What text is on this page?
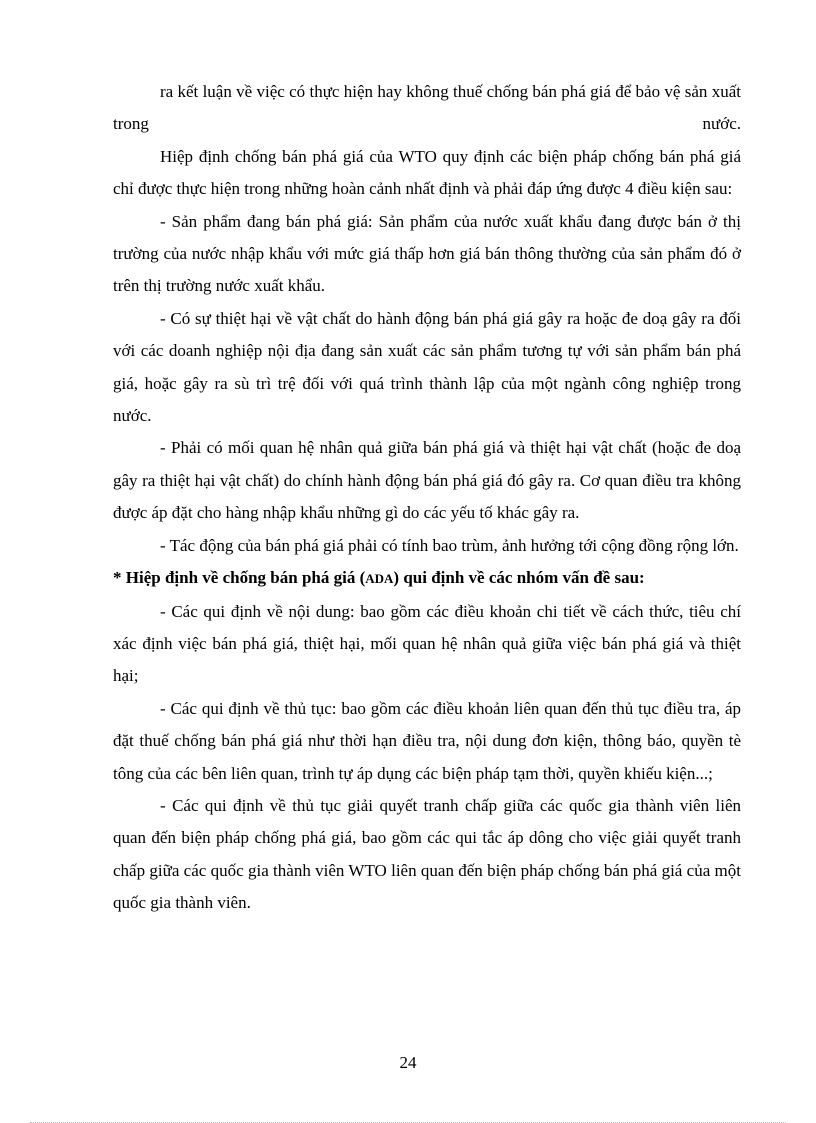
ra kết luận về việc có thực hiện hay không thuế chống bán phá giá để bảo vệ sản xuất trong nước.

Hiệp định chống bán phá giá của WTO quy định các biện pháp chống bán phá giá chỉ được thực hiện trong những hoàn cảnh nhất định và phải đáp ứng được 4 điều kiện sau:

- Sản phẩm đang bán phá giá: Sản phẩm của nước xuất khẩu đang được bán ở thị trường của nước nhập khẩu với mức giá thấp hơn giá bán thông thường của sản phẩm đó ở trên thị trường nước xuất khẩu.

- Có sự thiệt hại về vật chất do hành động bán phá giá gây ra hoặc đe doạ gây ra đối với các doanh nghiệp nội địa đang sản xuất các sản phẩm tương tự với sản phẩm bán phá giá, hoặc gây ra sù trì trệ đối với quá trình thành lập của một ngành công nghiệp trong nước.

- Phải có mối quan hệ nhân quả giữa bán phá giá và thiệt hại vật chất (hoặc đe doạ gây ra thiệt hại vật chất) do chính hành động bán phá giá đó gây ra. Cơ quan điều tra không được áp đặt cho hàng nhập khẩu những gì do các yếu tố khác gây ra.

- Tác động của bán phá giá phải có tính bao trùm, ảnh hưởng tới cộng đồng rộng lớn.

* Hiệp định về chống bán phá giá (ADA) qui định về các nhóm vấn đề sau:

- Các qui định về nội dung: bao gồm các điều khoản chi tiết về cách thức, tiêu chí xác định việc bán phá giá, thiệt hại, mối quan hệ nhân quả giữa việc bán phá giá và thiệt hại;

- Các qui định về thủ tục: bao gồm các điều khoản liên quan đến thủ tục điều tra, áp đặt thuế chống bán phá giá như thời hạn điều tra, nội dung đơn kiện, thông báo, quyền tè tông của các bên liên quan, trình tự áp dụng các biện pháp tạm thời, quyền khiếu kiện...;

- Các qui định về thủ tục giải quyết tranh chấp giữa các quốc gia thành viên liên quan đến biện pháp chống phá giá, bao gồm các qui tắc áp dông cho việc giải quyết tranh chấp giữa các quốc gia thành viên WTO liên quan đến biện pháp chống bán phá giá của một quốc gia thành viên.

24
